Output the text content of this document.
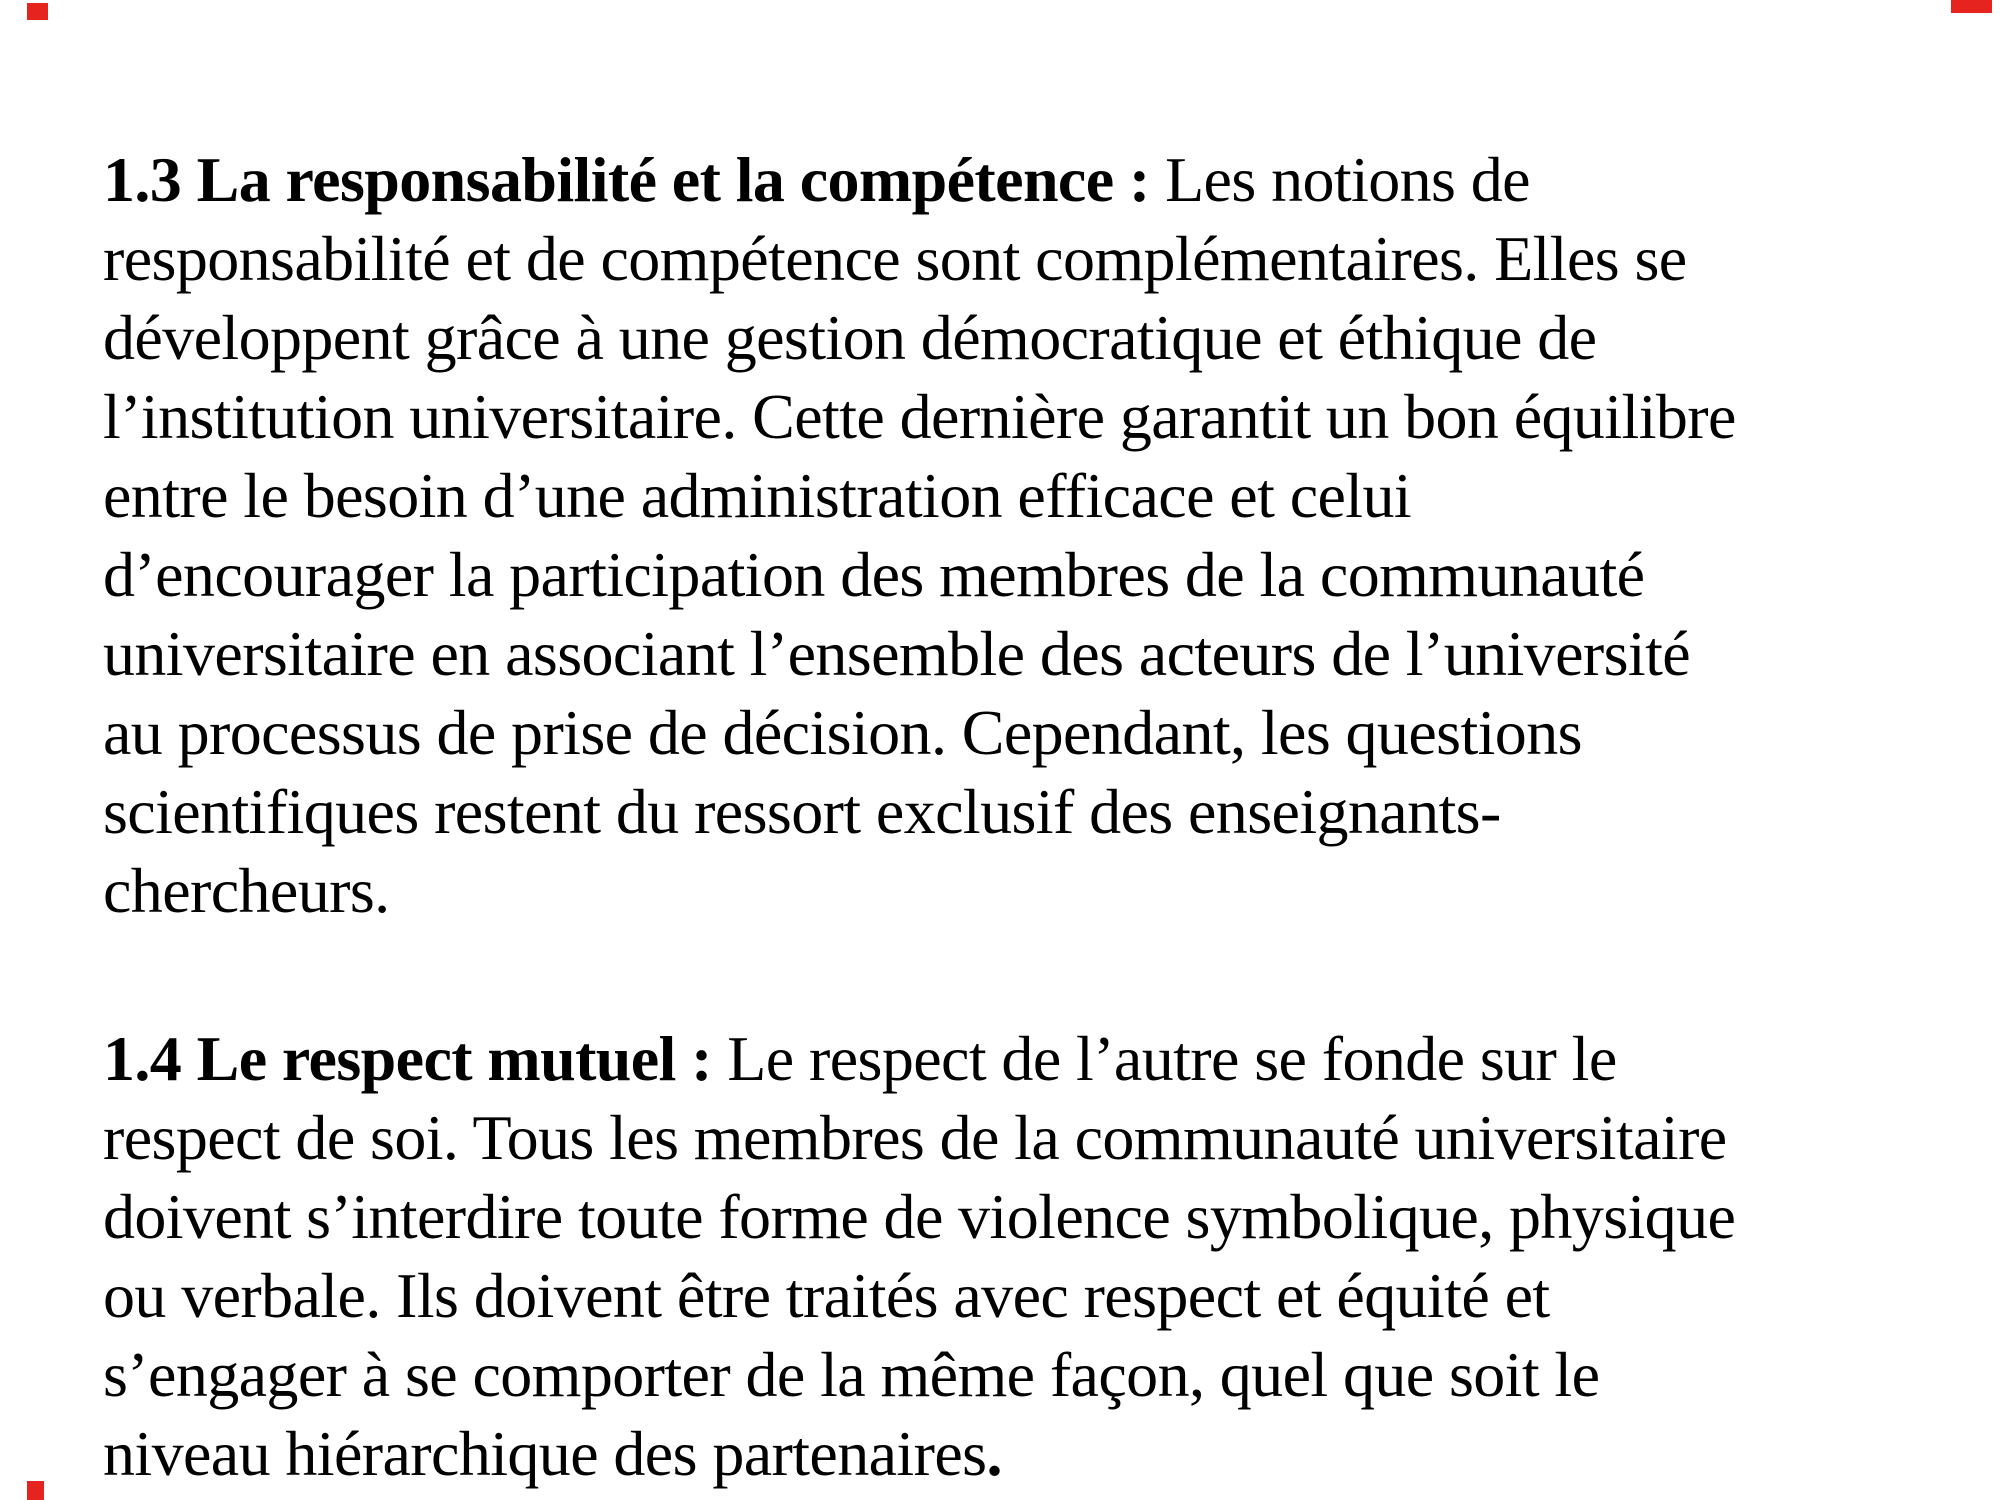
1.3 La responsabilité et la compétence : Les notions de
responsabilité et de compétence sont complémentaires. Elles se
développent grâce à une gestion démocratique et éthique de
l’institution universitaire. Cette dernière garantit un bon équilibre
entre le besoin d’une administration efficace et celui
d’encourager la participation des membres de la communauté
universitaire en associant l’ensemble des acteurs de l’université
au processus de prise de décision. Cependant, les questions
scientifiques restent du ressort exclusif des enseignants-
chercheurs.
1.4 Le respect mutuel : Le respect de l’autre se fonde sur le
respect de soi. Tous les membres de la communauté universitaire
doivent s’interdire toute forme de violence symbolique, physique
ou verbale. Ils doivent être traités avec respect et équité et
s’engager à se comporter de la même façon, quel que soit le
niveau hiérarchique des partenaires.
